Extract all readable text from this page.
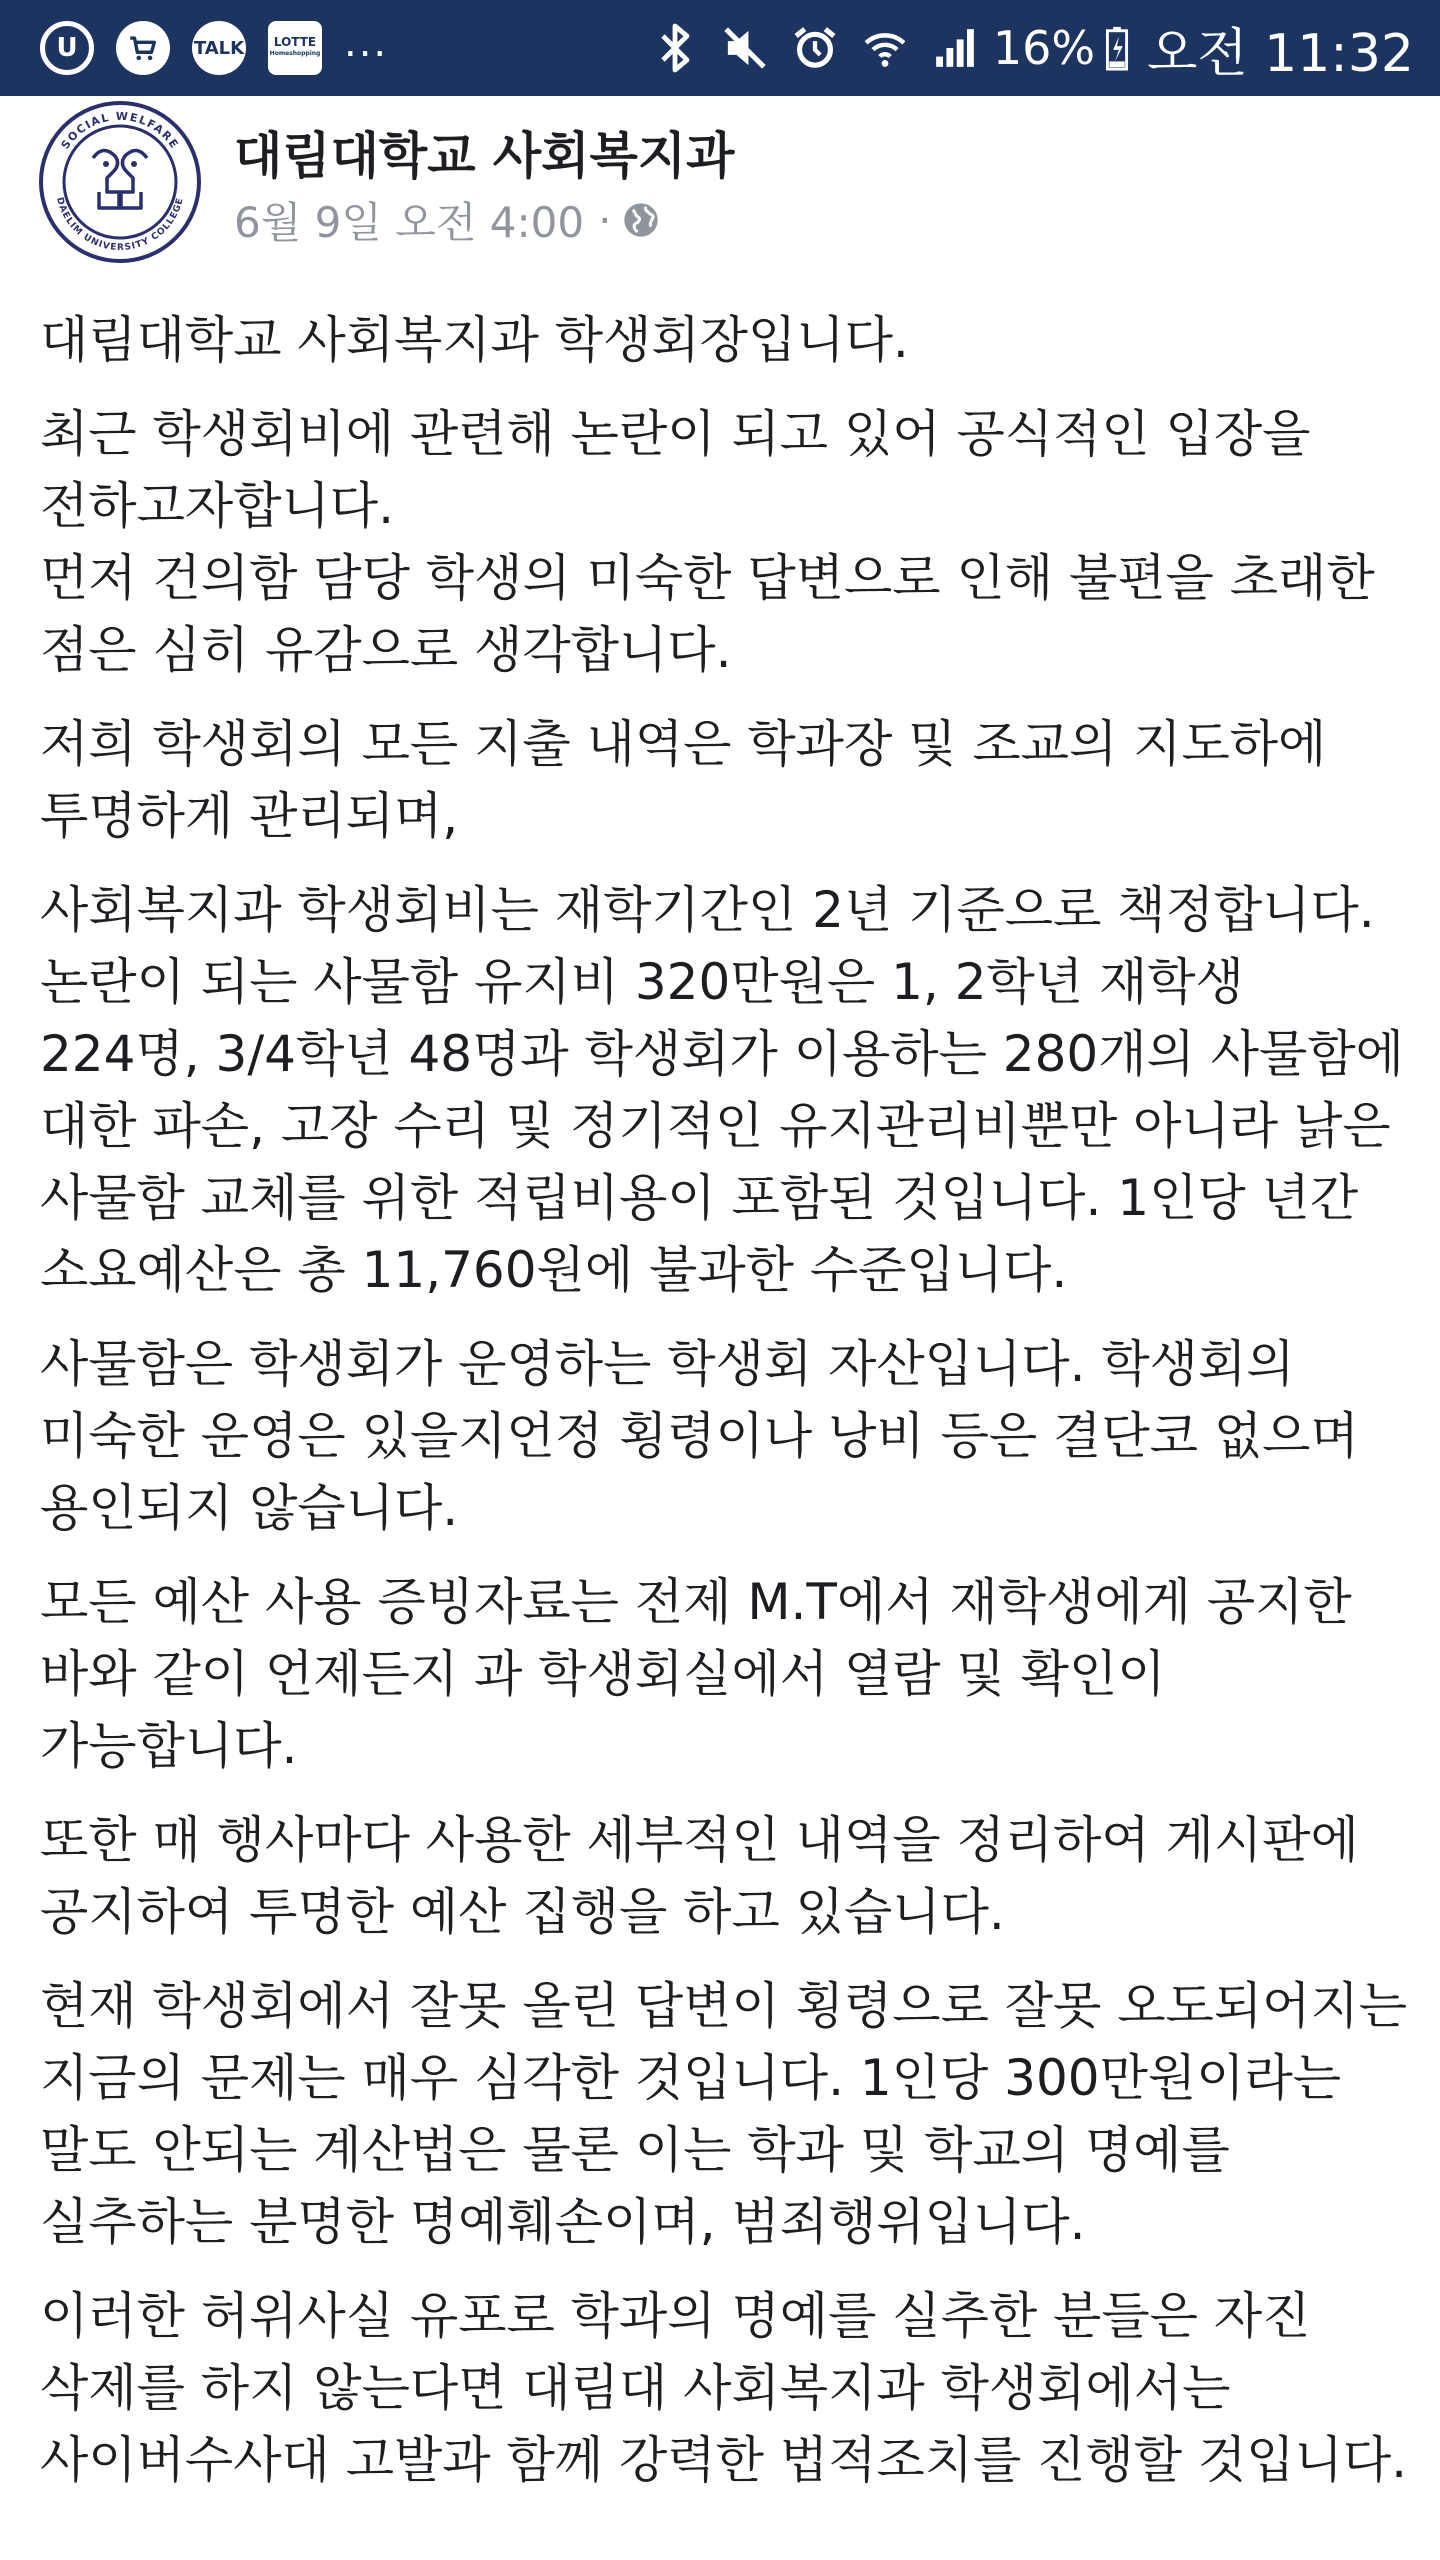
U	TALK LOTTE
Homeshopping ...	16% 오전 11:32
SOCIAL WELFARE
DAELIM UNIVERSITY COLLEGE
대림대학교 사회복지과
6월 9일 오전 4:00 ·

대림대학교 사회복지과 학생회장입니다.

최근 학생회비에 관련해 논란이 되고 있어 공식적인 입장을 전하고자합니다.
먼저 건의함 담당 학생의 미숙한 답변으로 인해 불편을 초래한 점은 심히 유감으로 생각합니다.

저희 학생회의 모든 지출 내역은 학과장 및 조교의 지도하에 투명하게 관리되며,

사회복지과 학생회비는 재학기간인 2년 기준으로 책정합니다.
논란이 되는 사물함 유지비 320만원은 1, 2학년 재학생 224명, 3/4학년 48명과 학생회가 이용하는 280개의 사물함에 대한 파손, 고장 수리 및 정기적인 유지관리비뿐만 아니라 낡은 사물함 교체를 위한 적립비용이 포함된 것입니다. 1인당 년간 소요예산은 총 11,760원에 불과한 수준입니다.

사물함은 학생회가 운영하는 학생회 자산입니다. 학생회의 미숙한 운영은 있을지언정 횡령이나 낭비 등은 결단코 없으며 용인되지 않습니다.

모든 예산 사용 증빙자료는 전제 M.T에서 재학생에게 공지한 바와 같이 언제든지 과 학생회실에서 열람 및 확인이 가능합니다.

또한 매 행사마다 사용한 세부적인 내역을 정리하여 게시판에 공지하여 투명한 예산 집행을 하고 있습니다.

현재 학생회에서 잘못 올린 답변이 횡령으로 잘못 오도되어지는 지금의 문제는 매우 심각한 것입니다. 1인당 300만원이라는 말도 안되는 계산법은 물론 이는 학과 및 학교의 명예를 실추하는 분명한 명예훼손이며, 범죄행위입니다.

이러한 허위사실 유포로 학과의 명예를 실추한 분들은 자진 삭제를 하지 않는다면 대림대 사회복지과 학생회에서는 사이버수사대 고발과 함께 강력한 법적조치를 진행할 것입니다.
